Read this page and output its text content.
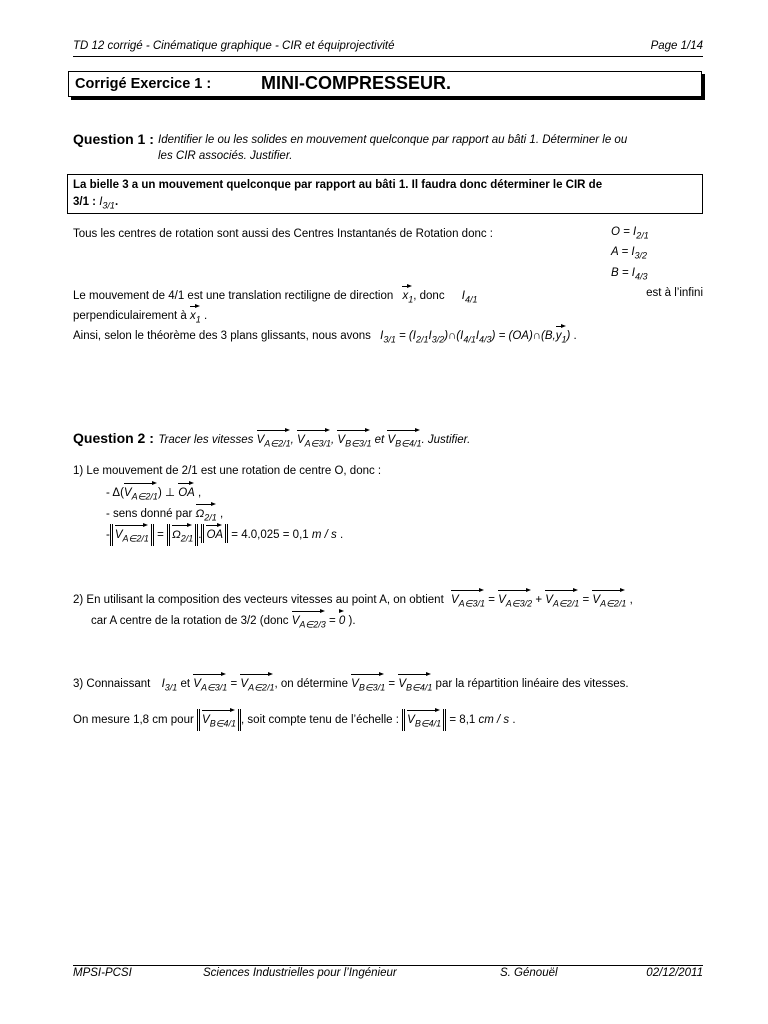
TD 12 corrigé - Cinématique graphique - CIR et équiprojectivité	Page 1/14
Corrigé Exercice 1 :	MINI-COMPRESSEUR.
Question 1 : Identifier le ou les solides en mouvement quelconque par rapport au bâti 1. Déterminer le ou
les CIR associés. Justifier.
La bielle 3 a un mouvement quelconque par rapport au bâti 1. Il faudra donc déterminer le CIR de
3/1 : $I_{3/1}$.
Tous les centres de rotation sont aussi des Centres Instantanés de Rotation donc :	$O = I_{2/1}$
$A = I_{3/2}$
$B = I_{4/3}$
Le mouvement de 4/1 est une translation rectiligne de direction $x_1$, donc $I_{4/1}$
est à l’infini
perpendiculairement à $x_1$ .
Ainsi, selon le théorème des 3 plans glissants, nous avons $I_{3/1}$ = $(I_{2/1}I_{3/2})\cap(I_{4/1}I_{4/3})$ = $(OA)\cap(B,y_1)$ .
Question 2 : Tracer les vitesses $V_{A\in 2/1}$, $V_{A\in 3/1}$, $V_{B\in 3/1}$ et $V_{B\in 4/1}$. Justifier.
1) Le mouvement de 2/1 est une rotation de centre O, donc :
- $\Delta(V_{A\in 2/1})$ ⊥ OA ,
- sens donné par $\Omega_{2/1}$ ,
- $V_{A\in 2/1} = \Omega_{2/1}$ . OA = 4.0,025 = 0,1 m / s .
2) En utilisant la composition des vecteurs vitesses au point A, on obtient $V_{A\in 3/1} = V_{A\in 3/2} + V_{A\in 2/1} = V_{A\in 2/1}$ ,
car A centre de la rotation de 3/2 (donc $V_{A\in 2/3} = 0$ ).
3) Connaissant $I_{3/1}$ et $V_{A\in 3/1} = V_{A\in 2/1}$, on détermine $V_{B\in 3/1} = V_{B\in 4/1}$ par la répartition linéaire des vitesses.
On mesure 1,8 cm pour $V_{B\in 4/1}$ , soit compte tenu de l’échelle : $V_{B\in 4/1} = 8,1$ cm / s .
MPSI-PCSI	Sciences Industrielles pour l’Ingénieur	S. Génouël	02/12/2011
